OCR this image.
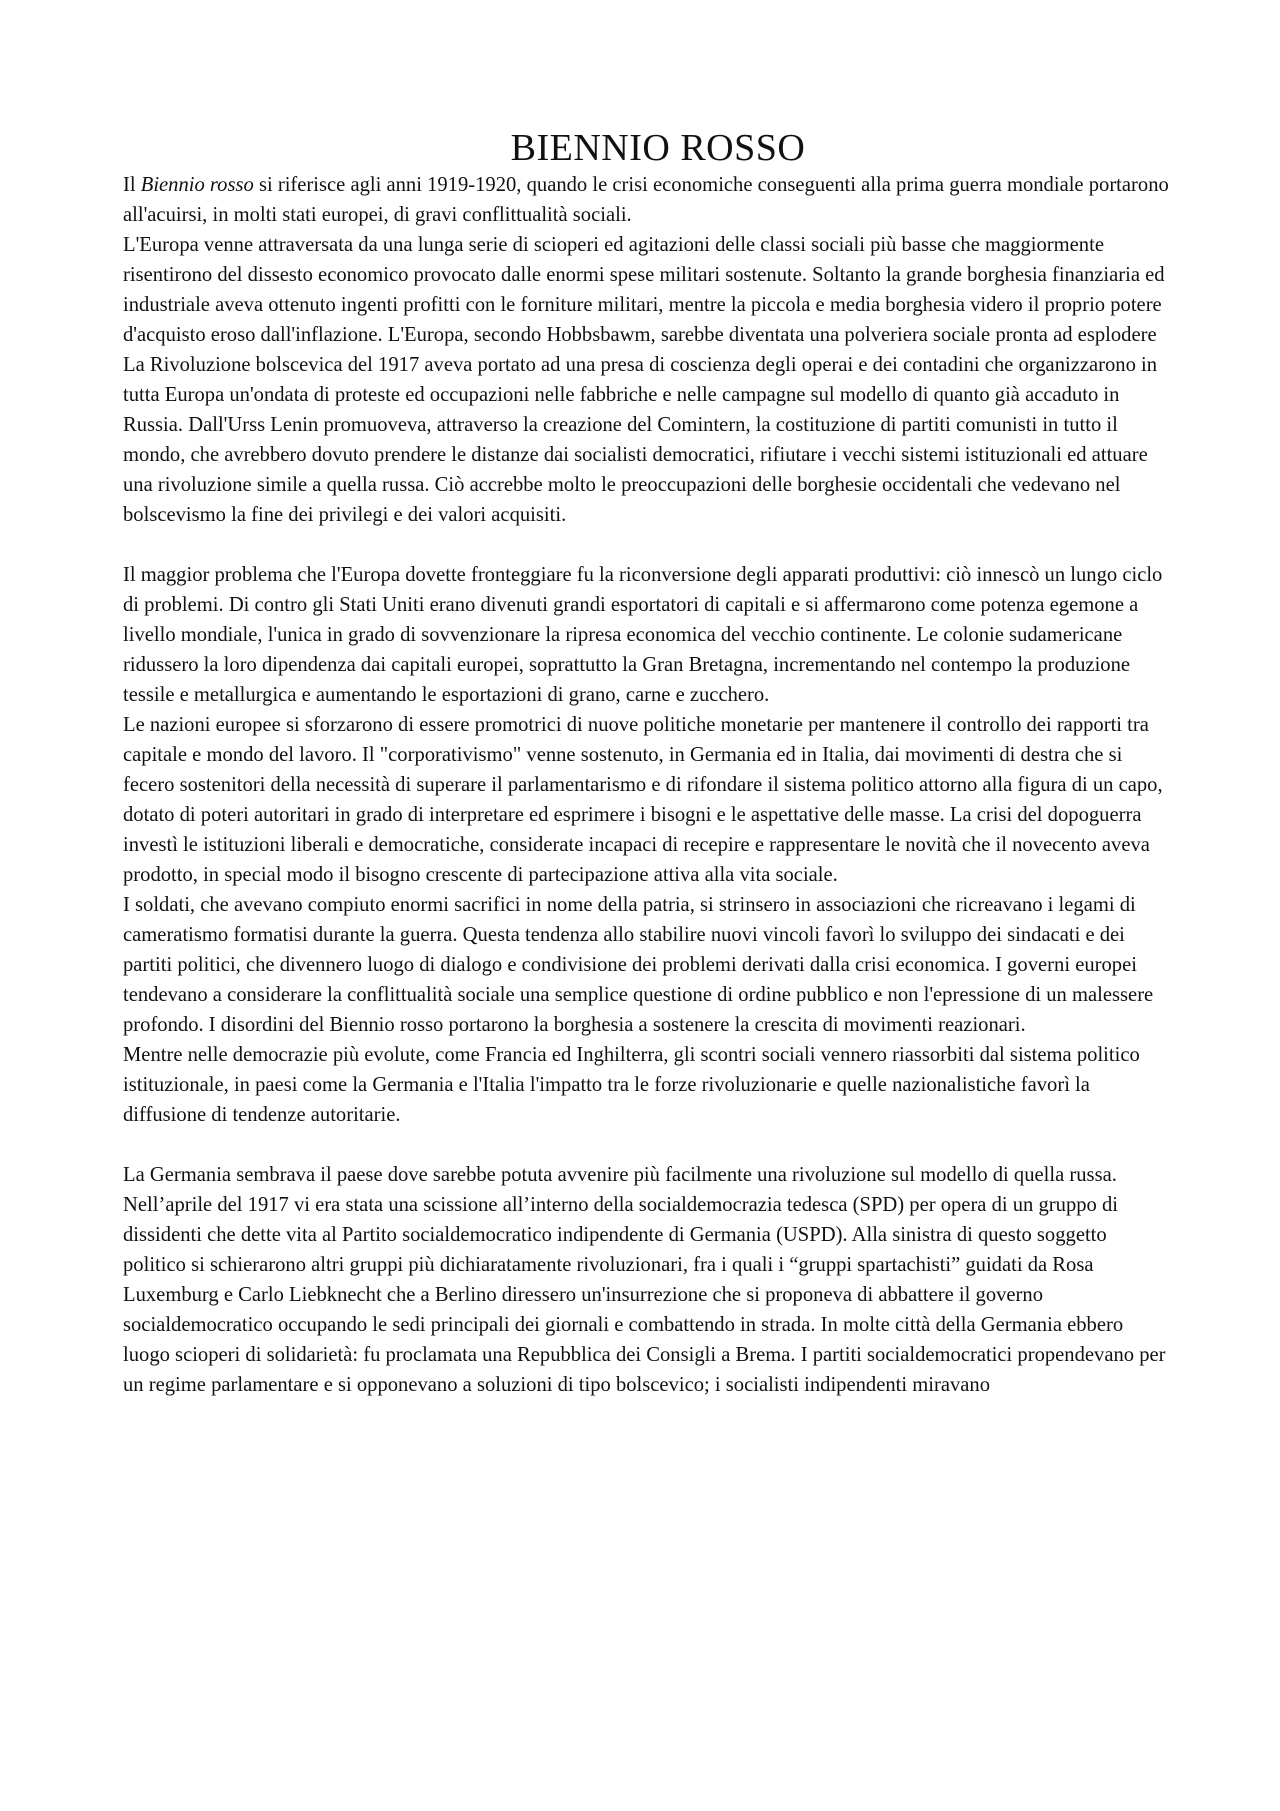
BIENNIO ROSSO
Il Biennio rosso si riferisce agli anni 1919-1920, quando le crisi economiche conseguenti alla prima guerra mondiale portarono all'acuirsi, in molti stati europei, di gravi conflittualità sociali.
L'Europa venne attraversata da una lunga serie di scioperi ed agitazioni delle classi sociali più basse che maggiormente risentirono del dissesto economico provocato dalle enormi spese militari sostenute. Soltanto la grande borghesia finanziaria ed industriale aveva ottenuto ingenti profitti con le forniture militari, mentre la piccola e media borghesia videro il proprio potere d'acquisto eroso dall'inflazione. L'Europa, secondo Hobbsbawm, sarebbe diventata una polveriera sociale pronta ad esplodere
La Rivoluzione bolscevica del 1917 aveva portato ad una presa di coscienza degli operai e dei contadini che organizzarono in tutta Europa un'ondata di proteste ed occupazioni nelle fabbriche e nelle campagne sul modello di quanto già accaduto in Russia. Dall'Urss Lenin promuoveva, attraverso la creazione del Comintern, la costituzione di partiti comunisti in tutto il mondo, che avrebbero dovuto prendere le distanze dai socialisti democratici, rifiutare i vecchi sistemi istituzionali ed attuare una rivoluzione simile a quella russa. Ciò accrebbe molto le preoccupazioni delle borghesie occidentali che vedevano nel bolscevismo la fine dei privilegi e dei valori acquisiti.
Il maggior problema che l'Europa dovette fronteggiare fu la riconversione degli apparati produttivi: ciò innescò un lungo ciclo di problemi. Di contro gli Stati Uniti erano divenuti grandi esportatori di capitali e si affermarono come potenza egemone a livello mondiale, l'unica in grado di sovvenzionare la ripresa economica del vecchio continente. Le colonie sudamericane ridussero la loro dipendenza dai capitali europei, soprattutto la Gran Bretagna, incrementando nel contempo la produzione tessile e metallurgica e aumentando le esportazioni di grano, carne e zucchero.
Le nazioni europee si sforzarono di essere promotrici di nuove politiche monetarie per mantenere il controllo dei rapporti tra capitale e mondo del lavoro. Il "corporativismo" venne sostenuto, in Germania ed in Italia, dai movimenti di destra che si fecero sostenitori della necessità di superare il parlamentarismo e di rifondare il sistema politico attorno alla figura di un capo, dotato di poteri autoritari in grado di interpretare ed esprimere i bisogni e le aspettative delle masse. La crisi del dopoguerra investì le istituzioni liberali e democratiche, considerate incapaci di recepire e rappresentare le novità che il novecento aveva prodotto, in special modo il bisogno crescente di partecipazione attiva alla vita sociale.
I soldati, che avevano compiuto enormi sacrifici in nome della patria, si strinsero in associazioni che ricreavano i legami di cameratismo formatisi durante la guerra. Questa tendenza allo stabilire nuovi vincoli favorì lo sviluppo dei sindacati e dei partiti politici, che divennero luogo di dialogo e condivisione dei problemi derivati dalla crisi economica. I governi europei tendevano a considerare la conflittualità sociale una semplice questione di ordine pubblico e non l'epressione di un malessere profondo. I disordini del Biennio rosso portarono la borghesia a sostenere la crescita di movimenti reazionari.
Mentre nelle democrazie più evolute, come Francia ed Inghilterra, gli scontri sociali vennero riassorbiti dal sistema politico istituzionale, in paesi come la Germania e l'Italia l'impatto tra le forze rivoluzionarie e quelle nazionalistiche favorì la diffusione di tendenze autoritarie.
La Germania sembrava il paese dove sarebbe potuta avvenire più facilmente una rivoluzione sul modello di quella russa. Nell’aprile del 1917 vi era stata una scissione all’interno della socialdemocrazia tedesca (SPD) per opera di un gruppo di dissidenti che dette vita al Partito socialdemocratico indipendente di Germania (USPD). Alla sinistra di questo soggetto politico si schierarono altri gruppi più dichiaratamente rivoluzionari, fra i quali i “gruppi spartachisti” guidati da Rosa Luxemburg e Carlo Liebknecht che a Berlino diressero un'insurrezione che si proponeva di abbattere il governo socialdemocratico occupando le sedi principali dei giornali e combattendo in strada. In molte città della Germania ebbero luogo scioperi di solidarietà: fu proclamata una Repubblica dei Consigli a Brema. I partiti socialdemocratici propendevano per un regime parlamentare e si opponevano a soluzioni di tipo bolscevico; i socialisti indipendenti miravano
